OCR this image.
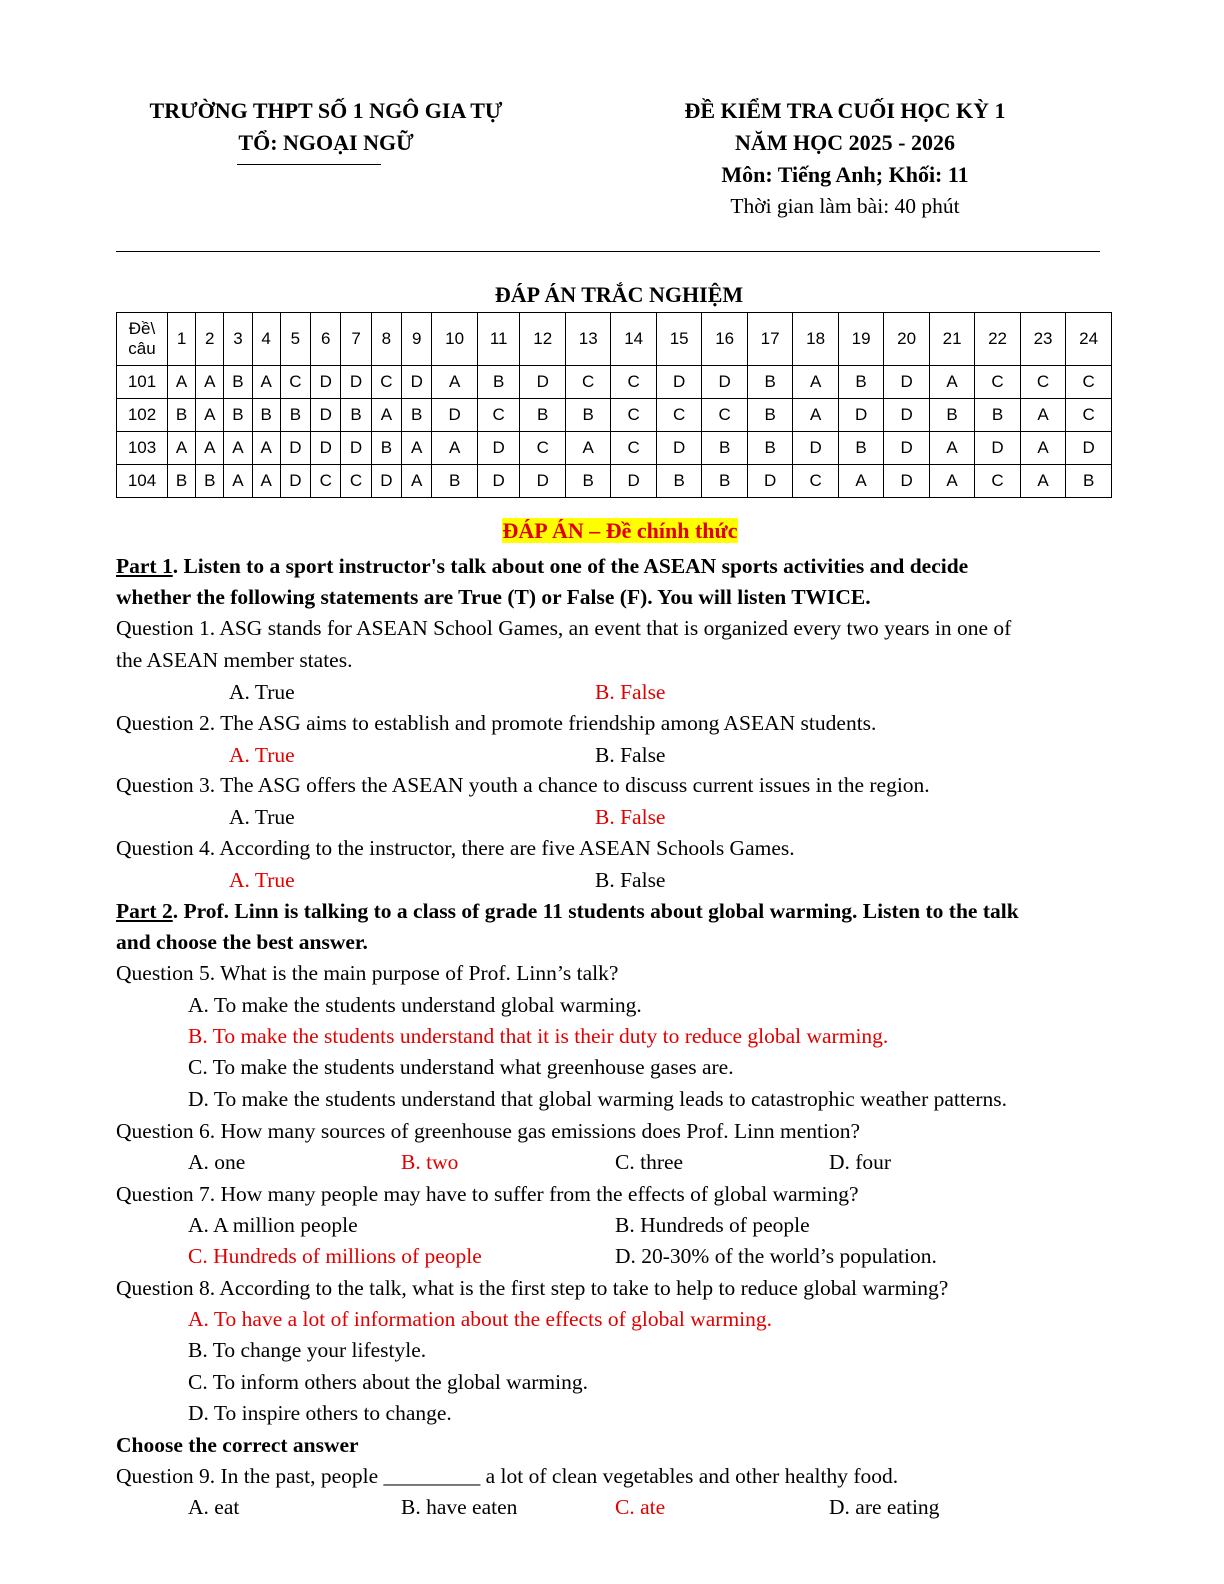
TRƯỜNG THPT SỐ 1 NGÔ GIA TỰ
TỔ: NGOẠI NGỮ
ĐỀ KIỂM TRA CUỐI HỌC KỲ 1
NĂM HỌC 2025 - 2026
Môn: Tiếng Anh; Khối: 11
Thời gian làm bài: 40 phút
ĐÁP ÁN TRẮC NGHIỆM
Đề\
câu	1	2	3	4	5	6	7	8	9	10	11	12	13	14	15	16	17	18	19	20	21	22	23	24
101	A	A	B	A	C	D	D	C	D	A	B	D	C	C	D	D	B	A	B	D	A	C	C	C
102	B	A	B	B	B	D	B	A	B	D	C	B	B	C	C	C	B	A	D	D	B	B	A	C
103	A	A	A	A	D	D	D	B	A	A	D	C	A	C	D	B	B	D	B	D	A	D	A	D
104	B	B	A	A	D	C	C	D	A	B	D	D	B	D	B	B	D	C	A	D	A	C	A	B
ĐÁP ÁN – Đề chính thức
Part 1. Listen to a sport instructor's talk about one of the ASEAN sports activities and decide
whether the following statements are True (T) or False (F). You will listen TWICE.
Question 1. ASG stands for ASEAN School Games, an event that is organized every two years in one of
the ASEAN member states.
A. True	B. False
Question 2. The ASG aims to establish and promote friendship among ASEAN students.
A. True	B. False
Question 3. The ASG offers the ASEAN youth a chance to discuss current issues in the region.
A. True	B. False
Question 4. According to the instructor, there are five ASEAN Schools Games.
A. True	B. False
Part 2. Prof. Linn is talking to a class of grade 11 students about global warming. Listen to the talk
and choose the best answer.
Question 5. What is the main purpose of Prof. Linn’s talk?
A. To make the students understand global warming.
B. To make the students understand that it is their duty to reduce global warming.
C. To make the students understand what greenhouse gases are.
D. To make the students understand that global warming leads to catastrophic weather patterns.
Question 6. How many sources of greenhouse gas emissions does Prof. Linn mention?
A. one	B. two	C. three	D. four
Question 7. How many people may have to suffer from the effects of global warming?
A. A million people	B. Hundreds of people
C. Hundreds of millions of people	D. 20-30% of the world’s population.
Question 8. According to the talk, what is the first step to take to help to reduce global warming?
A. To have a lot of information about the effects of global warming.
B. To change your lifestyle.
C. To inform others about the global warming.
D. To inspire others to change.
Choose the correct answer
Question 9. In the past, people _________ a lot of clean vegetables and other healthy food.
A. eat	B. have eaten	C. ate	D. are eating
